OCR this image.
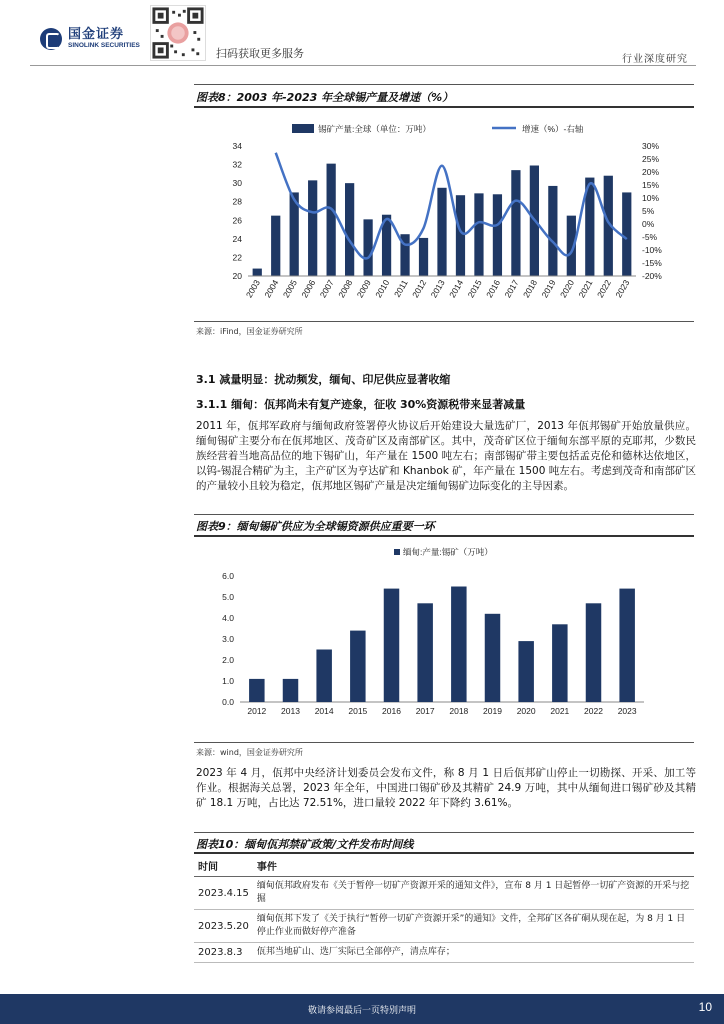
国金证券
SINOLINK SECURITIES
扫码获取更多服务	行业深度研究
图表8：2003 年-2023 年全球锡产量及增速（%）
锡矿产量:全球（单位：万吨）	增速（%）-右轴
20
22
24
26
28
30
32
34
-20%
-15%
-10%
-5%
0%
5%
10%
15%
20%
25%
30%
2003 2004 2005 2006 2007 2008 2009 2010 2011 2012 2013 2014 2015 2016 2017 2018 2019 2020 2021 2022 2023
来源：iFind，国金证券研究所
3.1 减量明显：扰动频发，缅甸、印尼供应显著收缩
3.1.1 缅甸：佤邦尚未有复产迹象，征收 30%资源税带来显著减量
2011 年，佤邦军政府与缅甸政府签署停火协议后开始建设大量选矿厂，2013 年佤邦锡矿开始放量供应。缅甸锡矿主要分布在佤邦地区、茂奇矿区及南部矿区。其中，茂奇矿区位于缅甸东部平原的克耶邦，少数民族经营着当地高品位的地下锡矿山，年产量在 1500 吨左右；南部锡矿带主要包括孟克伦和德林达依地区，以钨-锡混合精矿为主，主产矿区为亨达矿和 Khanbok 矿，年产量在 1500 吨左右。考虑到茂奇和南部矿区的产量较小且较为稳定，佤邦地区锡矿产量是决定缅甸锡矿边际变化的主导因素。
图表9：缅甸锡矿供应为全球锡资源供应重要一环
缅甸:产量:锡矿（万吨）
0.0
1.0
2.0
3.0
4.0
5.0
6.0
2012 2013 2014 2015 2016 2017 2018 2019 2020 2021 2022 2023
来源：wind，国金证券研究所
2023 年 4 月，佤邦中央经济计划委员会发布文件，称 8 月 1 日后佤邦矿山停止一切勘探、开采、加工等作业。根据海关总署，2023 年全年，中国进口锡矿砂及其精矿 24.9 万吨，其中从缅甸进口锡矿砂及其精矿 18.1 万吨，占比达 72.51%，进口量较 2022 年下降约 3.61%。
图表10：缅甸佤邦禁矿政策/文件发布时间线
时间	事件
2023.4.15	缅甸佤邦政府发布《关于暂停一切矿产资源开采的通知文件》，宣布 8 月 1 日起暂停一切矿产资源的开采与挖掘
2023.5.20	缅甸佤邦下发了《关于执行“暂停一切矿产资源开采”的通知》文件，全邦矿区各矿硐从现在起，为 8 月 1 日停止作业而做好停产准备
2023.8.3	佤邦当地矿山、选厂实际已全部停产，清点库存；
敬请参阅最后一页特别声明	10
